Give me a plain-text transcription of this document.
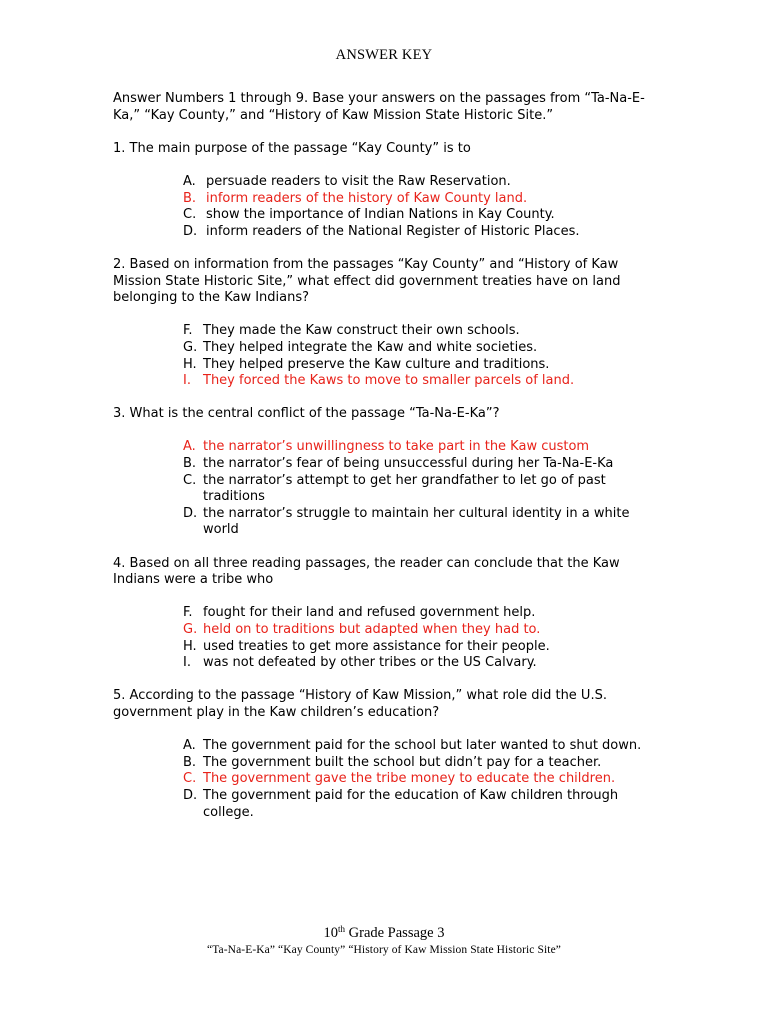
ANSWER KEY

Answer Numbers 1 through 9. Base your answers on the passages from “Ta-Na-E-Ka,” “Kay County,” and “History of Kaw Mission State Historic Site.”

1. The main purpose of the passage “Kay County” is to

A. persuade readers to visit the Raw Reservation.
B. inform readers of the history of Kaw County land.
C. show the importance of Indian Nations in Kay County.
D. inform readers of the National Register of Historic Places.

2. Based on information from the passages “Kay County” and “History of Kaw Mission State Historic Site,” what effect did government treaties have on land belonging to the Kaw Indians?

F. They made the Kaw construct their own schools.
G. They helped integrate the Kaw and white societies.
H. They helped preserve the Kaw culture and traditions.
I. They forced the Kaws to move to smaller parcels of land.

3. What is the central conflict of the passage “Ta-Na-E-Ka”?

A. the narrator’s unwillingness to take part in the Kaw custom
B. the narrator’s fear of being unsuccessful during her Ta-Na-E-Ka
C. the narrator’s attempt to get her grandfather to let go of past traditions
D. the narrator’s struggle to maintain her cultural identity in a white world

4. Based on all three reading passages, the reader can conclude that the Kaw Indians were a tribe who

F. fought for their land and refused government help.
G. held on to traditions but adapted when they had to.
H. used treaties to get more assistance for their people.
I. was not defeated by other tribes or the US Calvary.

5. According to the passage “History of Kaw Mission,” what role did the U.S. government play in the Kaw children’s education?

A. The government paid for the school but later wanted to shut down.
B. The government built the school but didn’t pay for a teacher.
C. The government gave the tribe money to educate the children.
D. The government paid for the education of Kaw children through college.
10th Grade Passage 3
“Ta-Na-E-Ka” “Kay County” “History of Kaw Mission State Historic Site”
